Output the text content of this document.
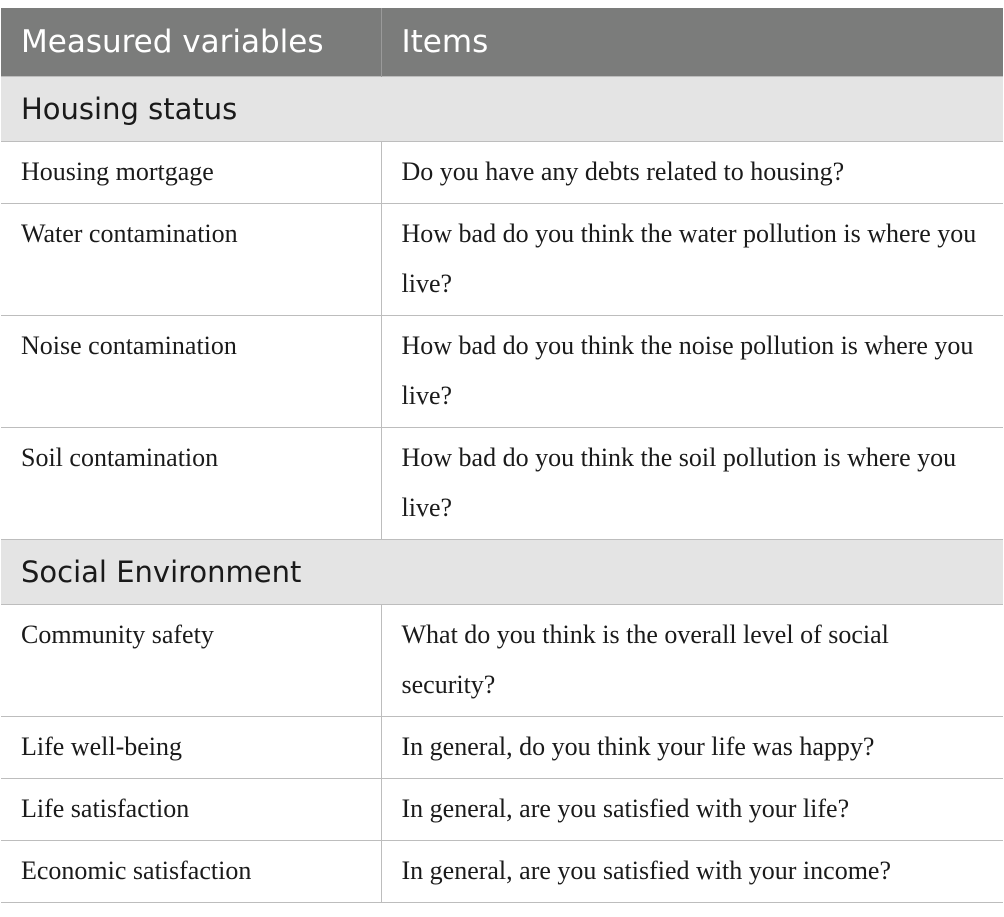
Measured variables	Items
Housing status	
Housing mortgage	Do you have any debts related to housing?
Water contamination	How bad do you think the water pollution is where you live?
Noise contamination	How bad do you think the noise pollution is where you live?
Soil contamination	How bad do you think the soil pollution is where you live?
Social Environment	
Community safety	What do you think is the overall level of social security?
Life well-being	In general, do you think your life was happy?
Life satisfaction	In general, are you satisfied with your life?
Economic satisfaction	In general, are you satisfied with your income?
